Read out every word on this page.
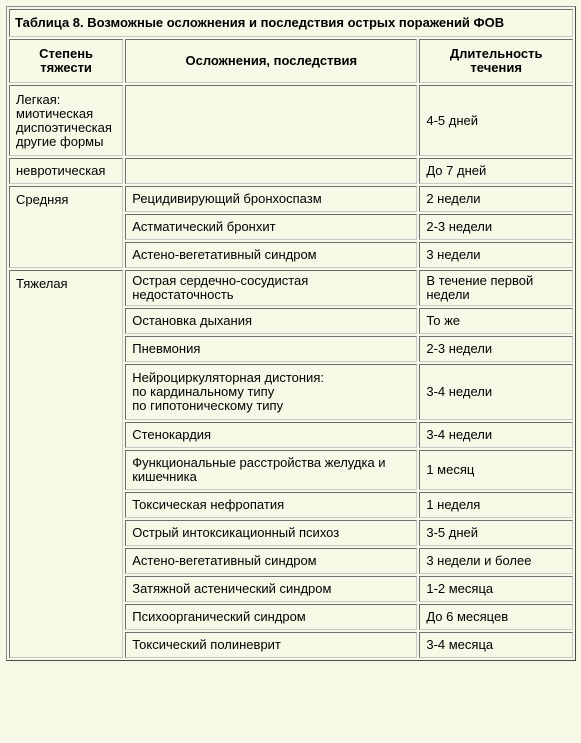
Таблица 8. Возможные осложнения и последствия острых поражений ФОВ		

Степень
тяжести	Осложнения, последствия	Длительность
течения

Легкая:
миотическая
диспоэтическая
другие формы		4-5 дней

невротическая		До 7 дней

Средняя	Рецидивирующий бронхоспазм	2 недели

	Астматический бронхит	2-3 недели

	Астено-вегетативный синдром	3 недели

Тяжелая	Острая сердечно-сосудистая
недостаточность	В течение первой
недели

	Остановка дыхания	То же

	Пневмония	2-3 недели

	Нейроциркуляторная дистония:
по кардинальному типу
по гипотоническому типу	3-4 недели

	Стенокардия	3-4 недели

	Функциональные расстройства желудка и
кишечника	1 месяц

	Токсическая нефропатия	1 неделя

	Острый интоксикационный психоз	3-5 дней

	Астено-вегетативный синдром	3 недели и более

	Затяжной астенический синдром	1-2 месяца

	Психоорганический синдром	До 6 месяцев

	Токсический полиневрит	3-4 месяца
